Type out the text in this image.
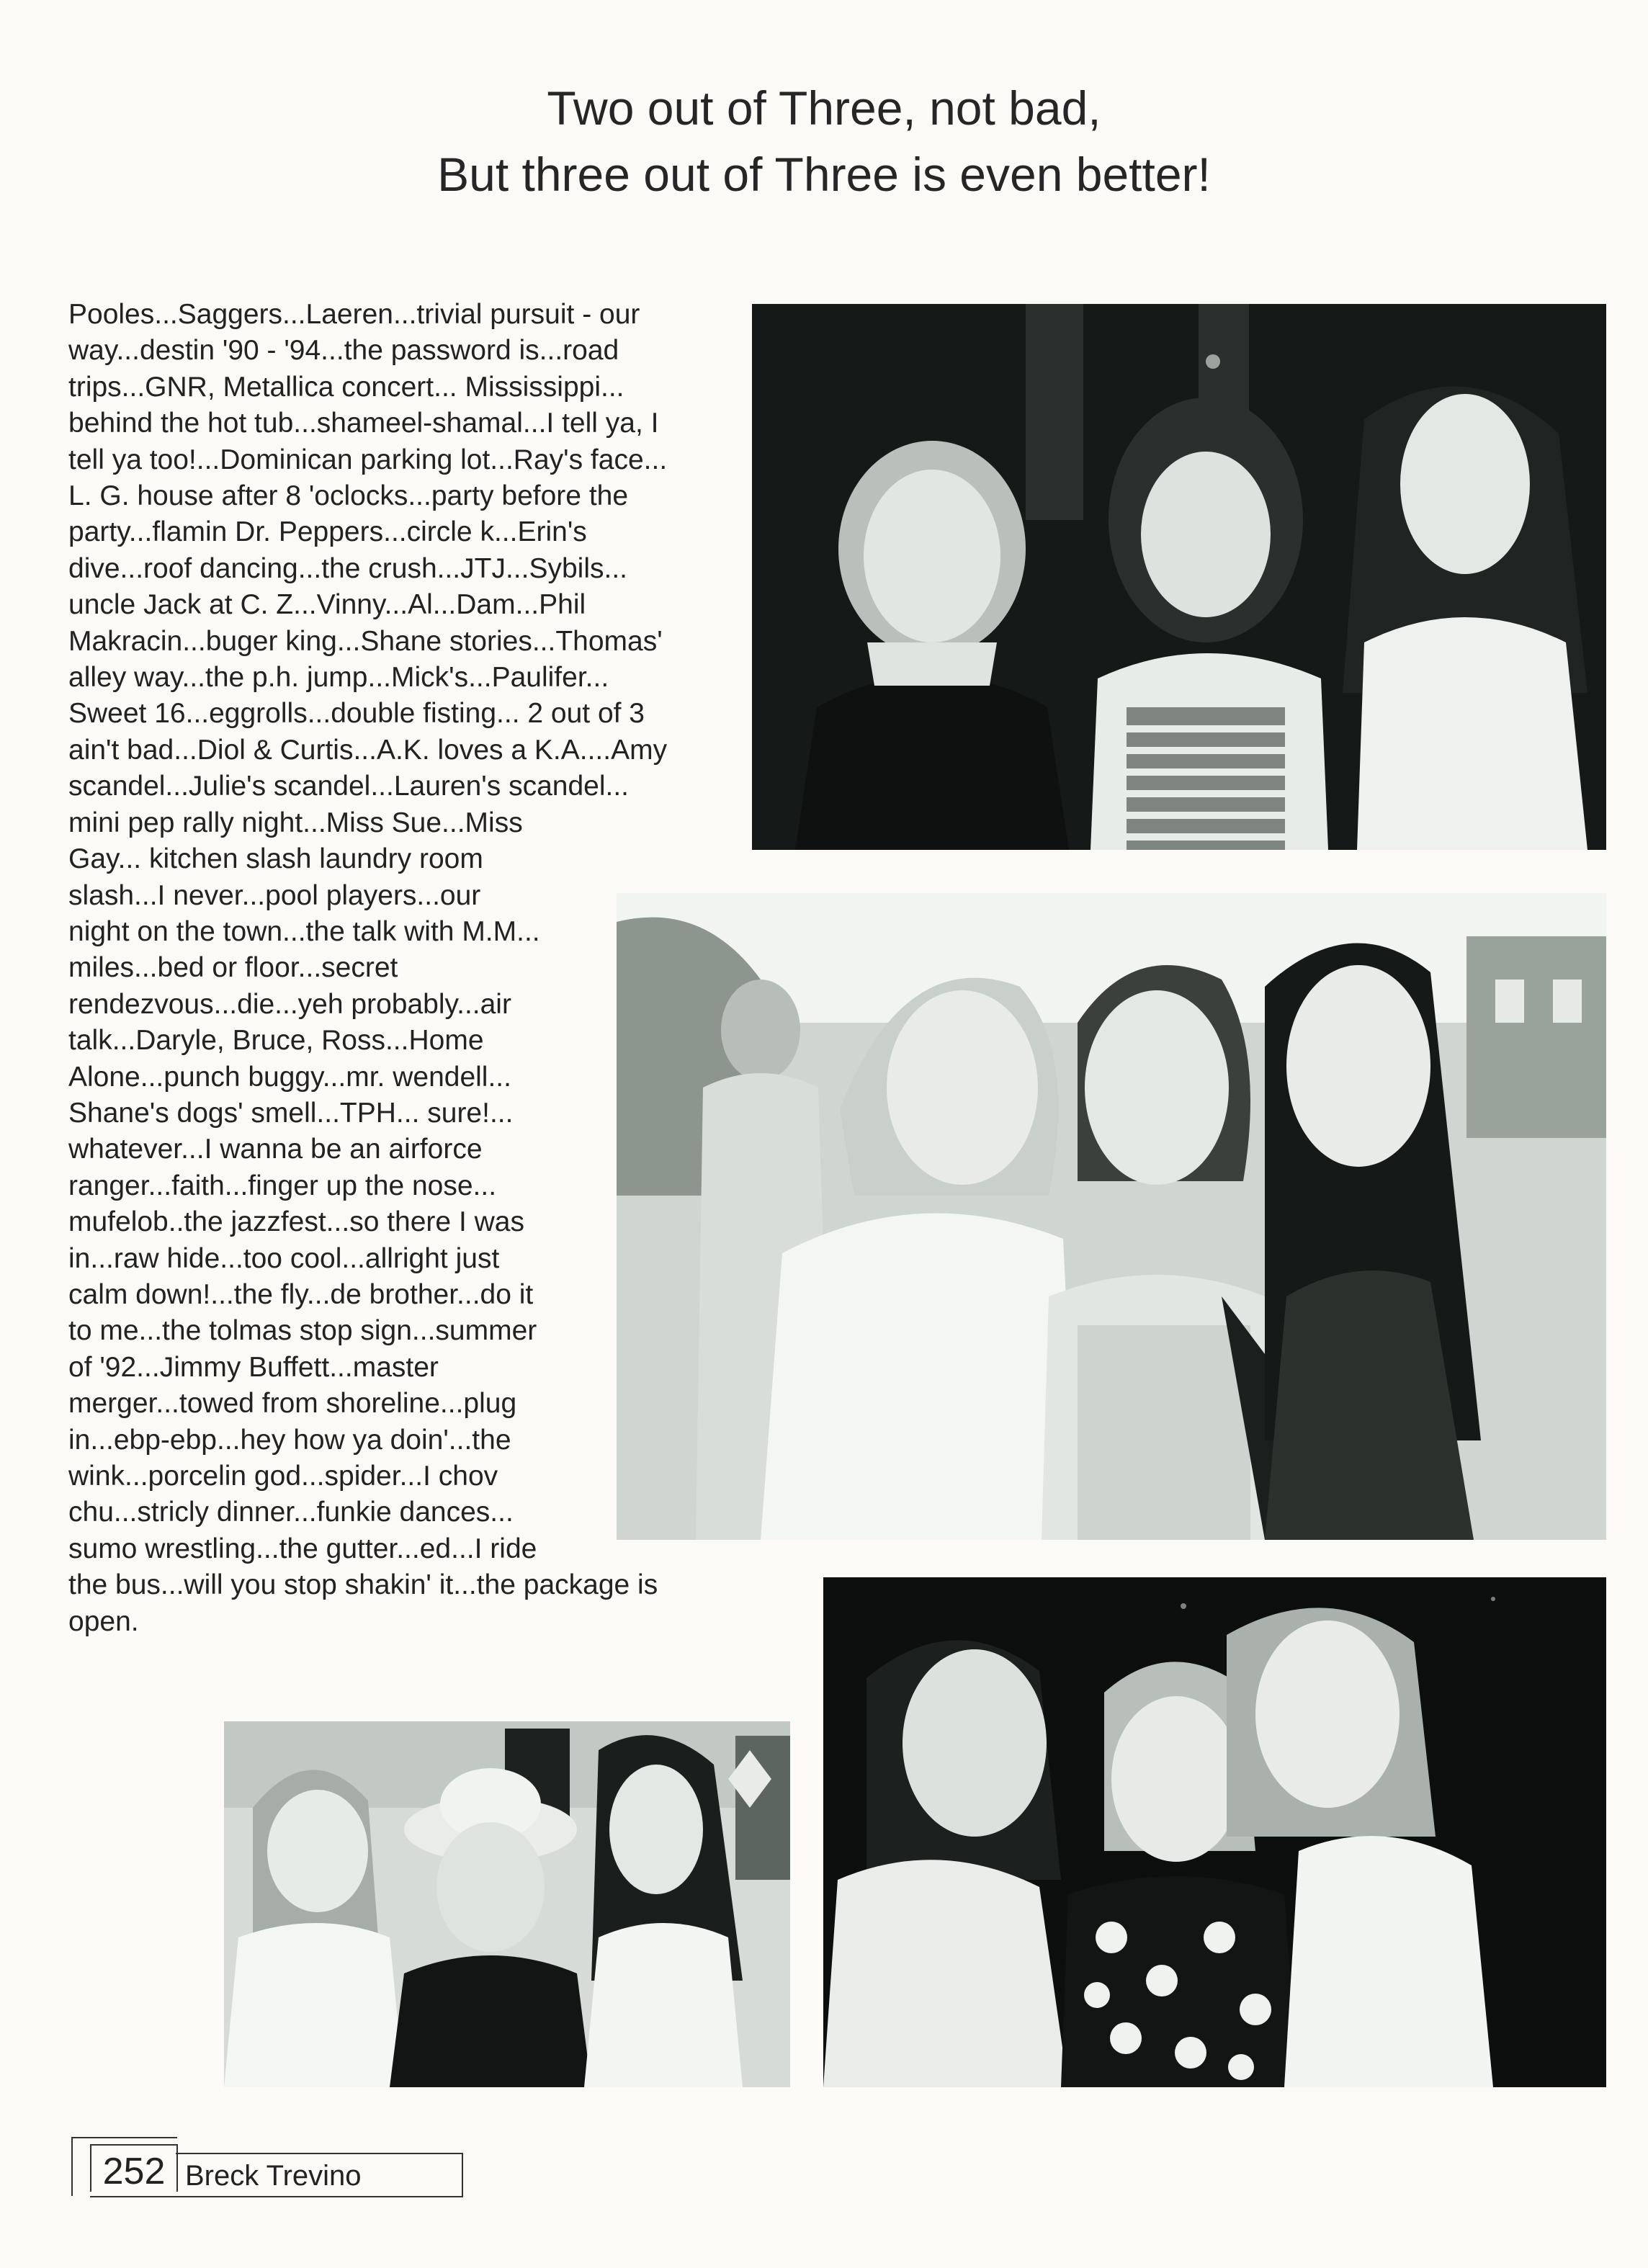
Two out of Three, not bad,
But three out of Three is even better!
Pooles...Saggers...Laeren...trivial pursuit - our
way...destin '90 - '94...the password is...road
trips...GNR, Metallica concert... Mississippi...
behind the hot tub...shameel-shamal...I tell ya, I
tell ya too!...Dominican parking lot...Ray's face...
L. G. house after 8 'oclocks...party before the
party...flamin Dr. Peppers...circle k...Erin's
dive...roof dancing...the crush...JTJ...Sybils...
uncle Jack at C. Z...Vinny...Al...Dam...Phil
Makracin...buger king...Shane stories...Thomas'
alley way...the p.h. jump...Mick's...Paulifer...
Sweet 16...eggrolls...double fisting... 2 out of 3
ain't bad...Diol & Curtis...A.K. loves a K.A....Amy
scandel...Julie's scandel...Lauren's scandel...
mini pep rally night...Miss Sue...Miss
Gay... kitchen slash laundry room
slash...I never...pool players...our
night on the town...the talk with M.M...
miles...bed or floor...secret
rendezvous...die...yeh probably...air
talk...Daryle, Bruce, Ross...Home
Alone...punch buggy...mr. wendell...
Shane's dogs' smell...TPH... sure!...
whatever...I wanna be an airforce
ranger...faith...finger up the nose...
mufelob..the jazzfest...so there I was
in...raw hide...too cool...allright just
calm down!...the fly...de brother...do it
to me...the tolmas stop sign...summer
of '92...Jimmy Buffett...master
merger...towed from shoreline...plug
in...ebp-ebp...hey how ya doin'...the
wink...porcelin god...spider...I chov
chu...stricly dinner...funkie dances...
sumo wrestling...the gutter...ed...I ride
the bus...will you stop shakin' it...the package is
open.
252 Breck Trevino
